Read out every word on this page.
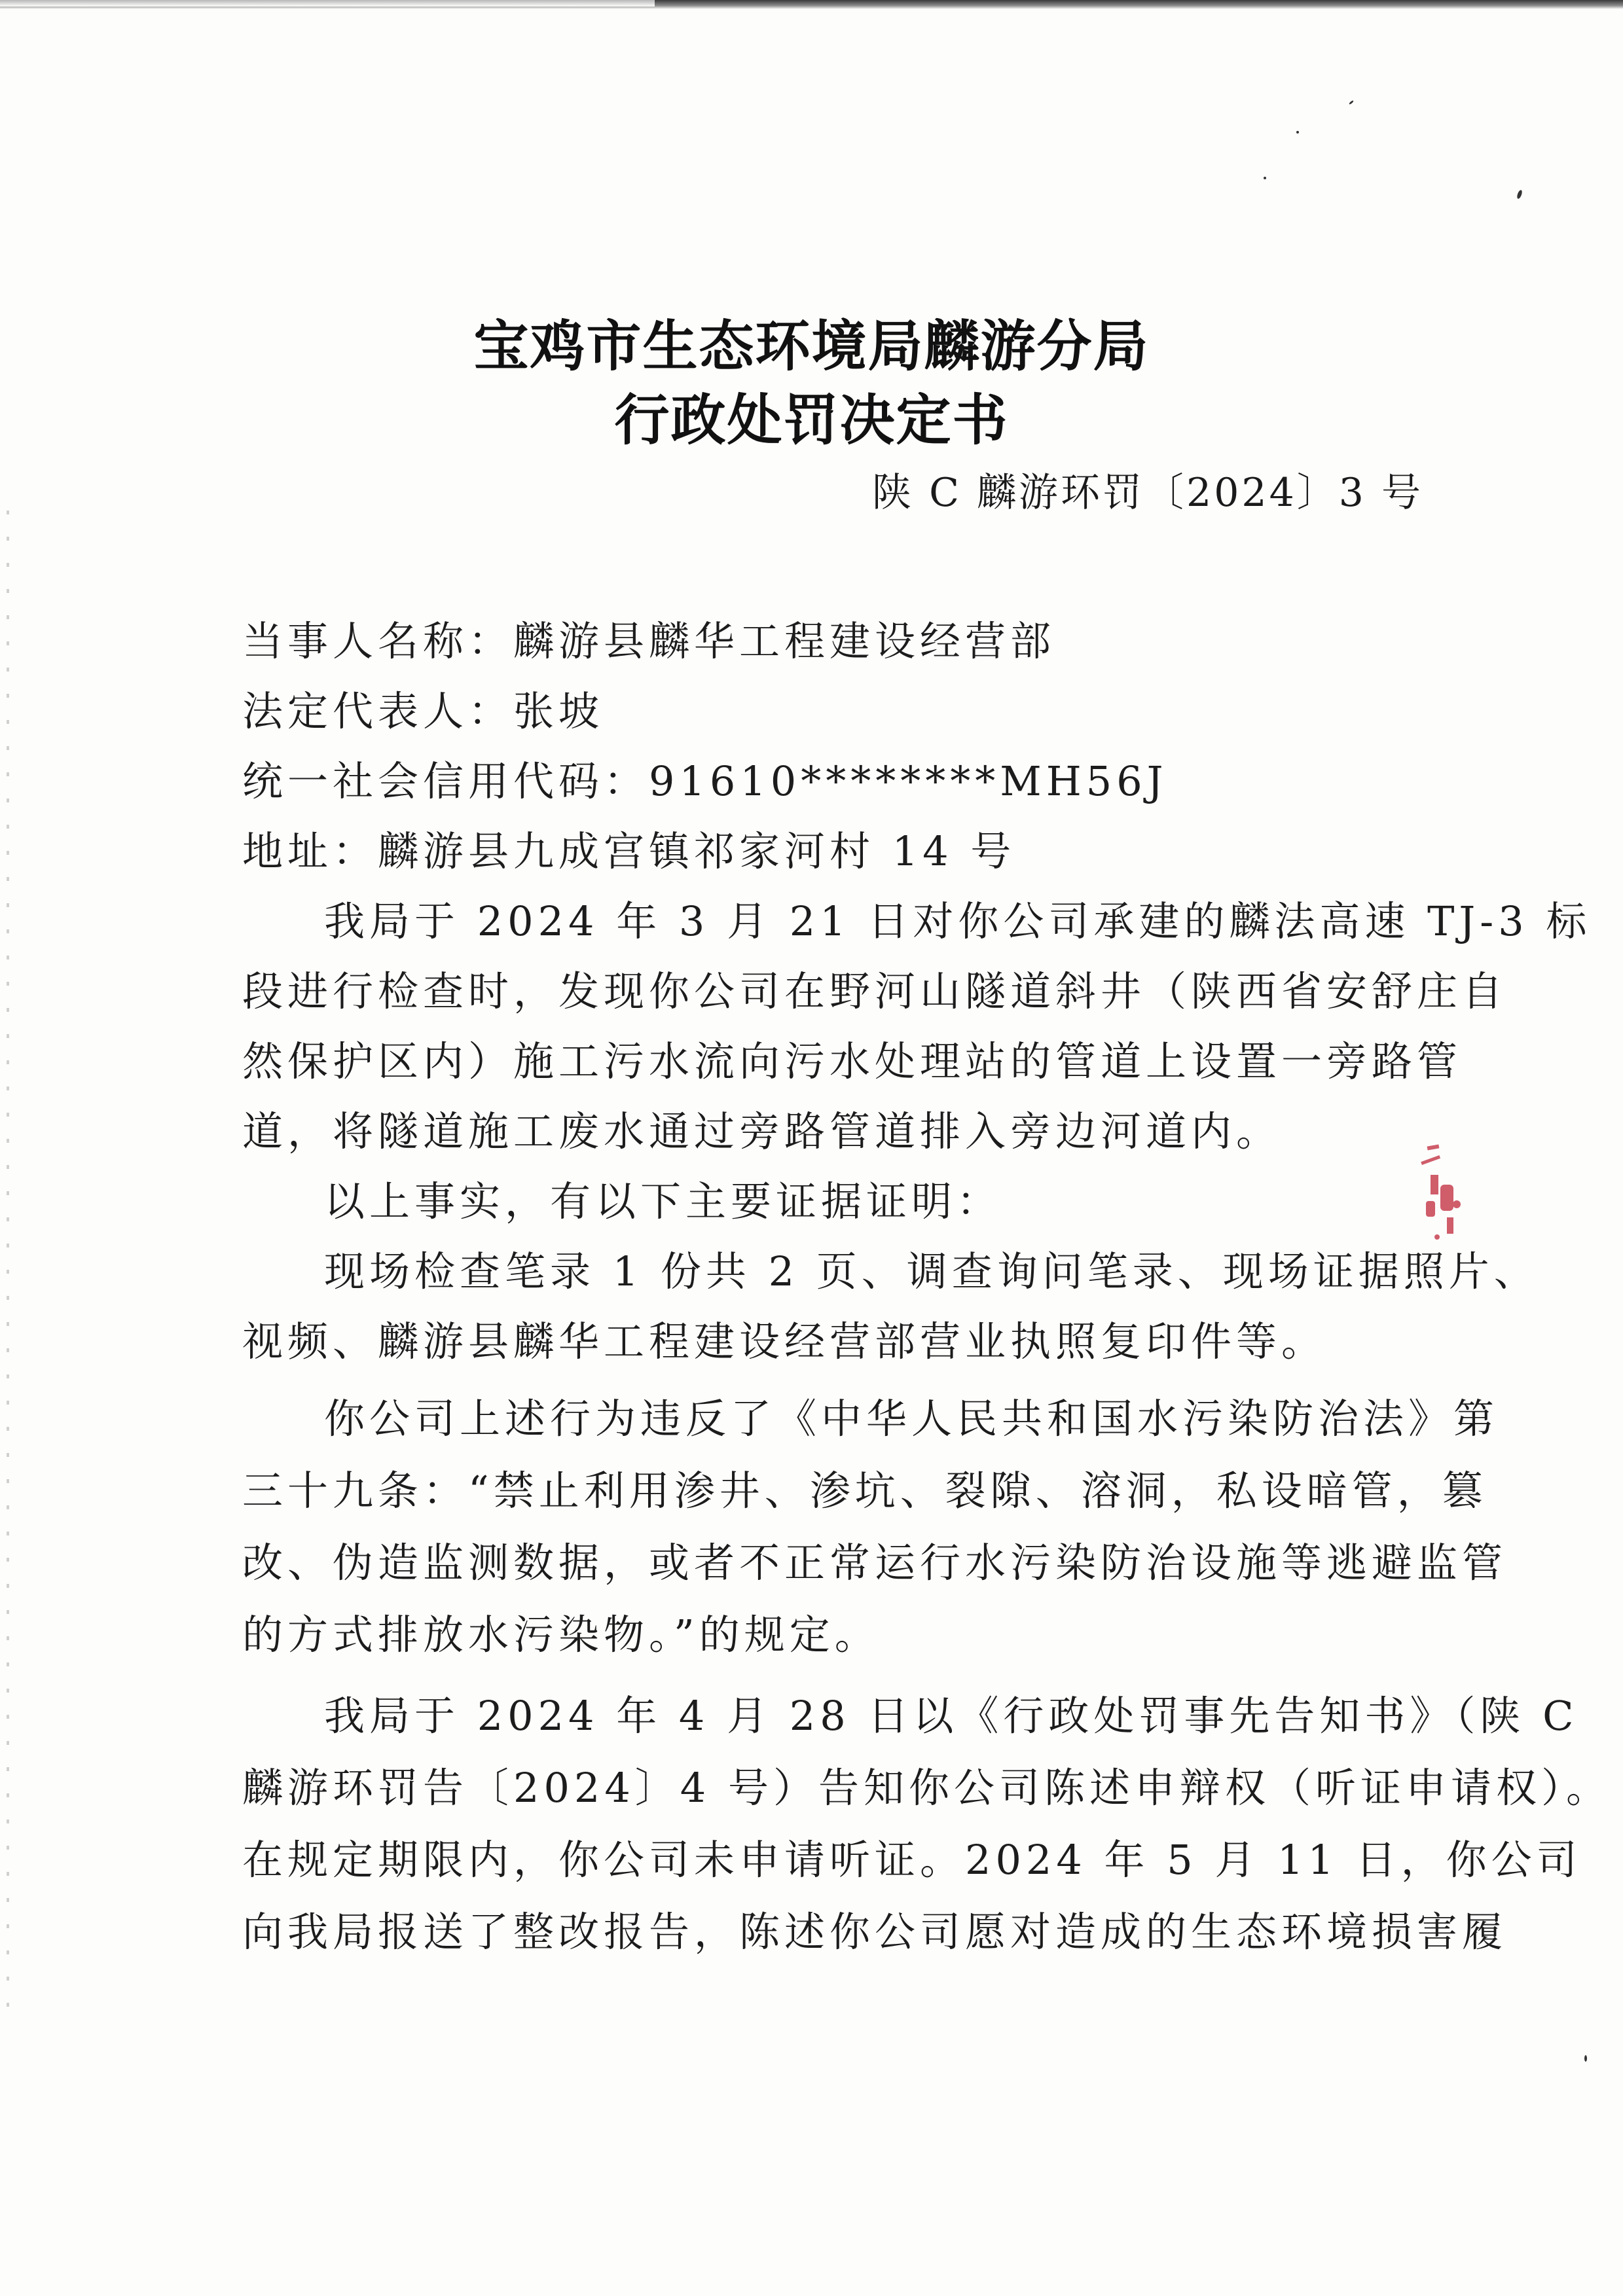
宝鸡市生态环境局麟游分局
行政处罚决定书
陕 C 麟游环罚〔2024〕3 号
当事人名称：麟游县麟华工程建设经营部
法定代表人：张坡
统一社会信用代码：91610********MH56J
地址：麟游县九成宫镇祁家河村 14 号
我局于 2024 年 3 月 21 日对你公司承建的麟法高速 TJ-3 标
段进行检查时，发现你公司在野河山隧道斜井（陕西省安舒庄自
然保护区内）施工污水流向污水处理站的管道上设置一旁路管
道，将隧道施工废水通过旁路管道排入旁边河道内。
以上事实，有以下主要证据证明：
现场检查笔录 1 份共 2 页、调查询问笔录、现场证据照片、
视频、麟游县麟华工程建设经营部营业执照复印件等。
你公司上述行为违反了《中华人民共和国水污染防治法》第
三十九条：“禁止利用渗井、渗坑、裂隙、溶洞，私设暗管，篡
改、伪造监测数据，或者不正常运行水污染防治设施等逃避监管
的方式排放水污染物。”的规定。
我局于 2024 年 4 月 28 日以《行政处罚事先告知书》（陕 C
麟游环罚告〔2024〕4 号）告知你公司陈述申辩权（听证申请权）。
在规定期限内，你公司未申请听证。2024 年 5 月 11 日，你公司
向我局报送了整改报告，陈述你公司愿对造成的生态环境损害履
